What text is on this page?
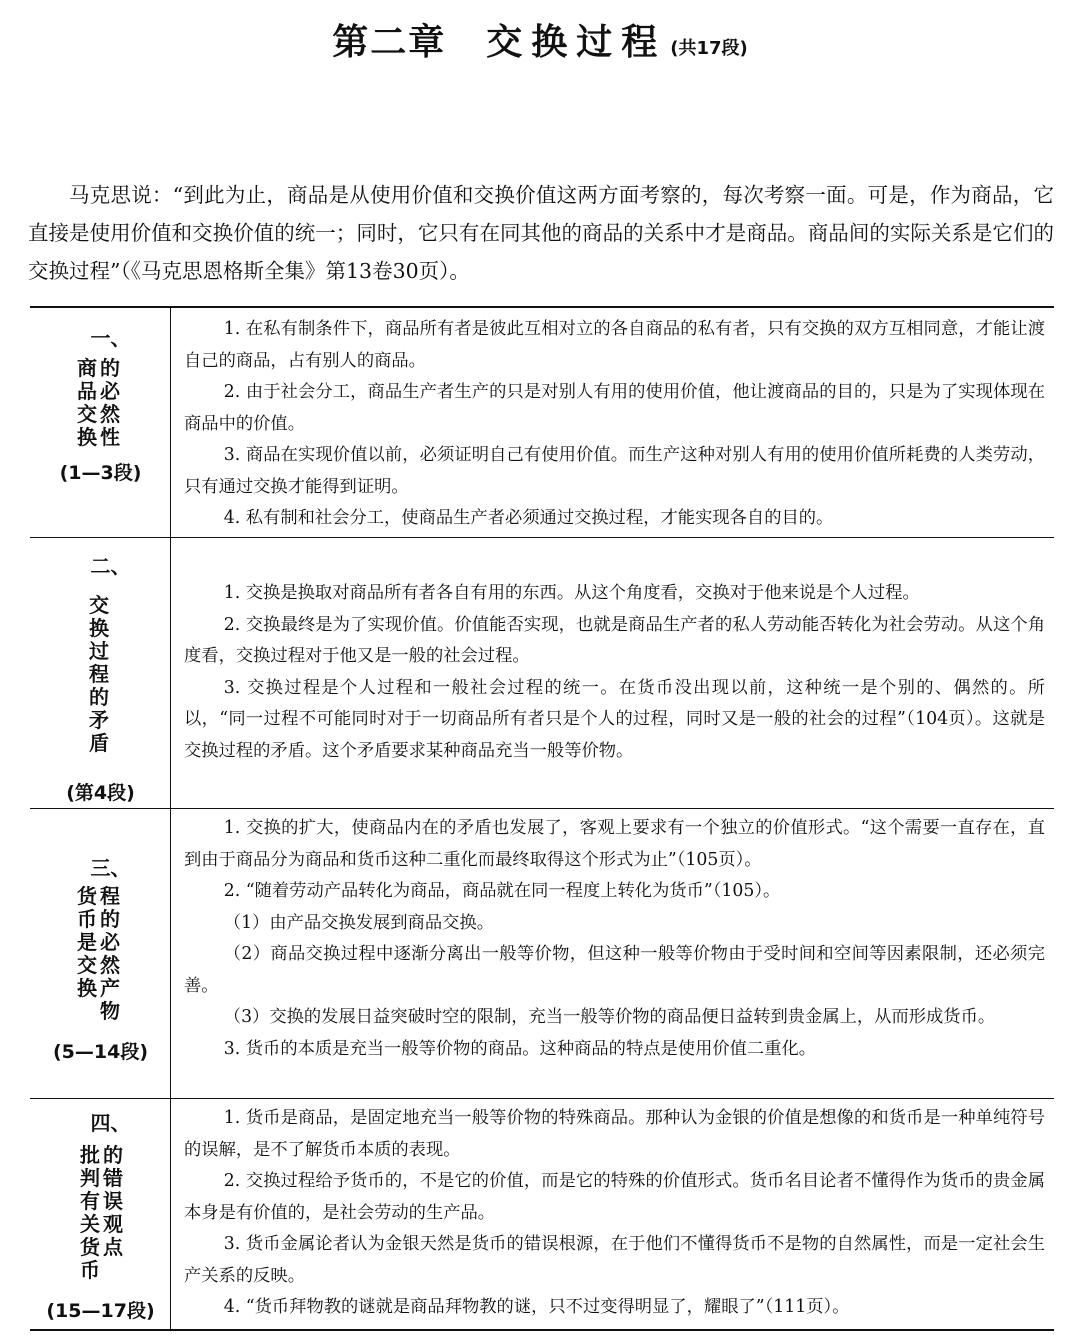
第二章 交换过程 (共17段)
马克思说：“到此为止，商品是从使用价值和交换价值这两方面考察的，每次考察一面。可是，作为商品，它直接是使用价值和交换价值的统一；同时，它只有在同其他的商品的关系中才是商品。商品间的实际关系是它们的交换过程”（《马克思恩格斯全集》第13卷30页）。
一、
商
品
交
换
的
必
然
性
(1—3段)

1. 在私有制条件下，商品所有者是彼此互相对立的各自商品的私有者，只有交换的双方互相同意，才能让渡自己的商品，占有别人的商品。

2. 由于社会分工，商品生产者生产的只是对别人有用的使用价值，他让渡商品的目的，只是为了实现体现在商品中的价值。

3. 商品在实现价值以前，必须证明自己有使用价值。而生产这种对别人有用的使用价值所耗费的人类劳动，只有通过交换才能得到证明。

4. 私有制和社会分工，使商品生产者必须通过交换过程，才能实现各自的目的。

二、
交
换
过
程
的
矛
盾
(第4段)

1. 交换是换取对商品所有者各自有用的东西。从这个角度看，交换对于他来说是个人过程。

2. 交换最终是为了实现价值。价值能否实现，也就是商品生产者的私人劳动能否转化为社会劳动。从这个角度看，交换过程对于他又是一般的社会过程。

3. 交换过程是个人过程和一般社会过程的统一。在货币没出现以前，这种统一是个别的、偶然的。所以，“同一过程不可能同时对于一切商品所有者只是个人的过程，同时又是一般的社会的过程”（104页）。这就是交换过程的矛盾。这个矛盾要求某种商品充当一般等价物。

三、
货
币
是
交
换
程
的
必
然
产
物
(5—14段)

1. 交换的扩大，使商品内在的矛盾也发展了，客观上要求有一个独立的价值形式。“这个需要一直存在，直到由于商品分为商品和货币这种二重化而最终取得这个形式为止”（105页）。

2. “随着劳动产品转化为商品，商品就在同一程度上转化为货币”（105）。

（1）由产品交换发展到商品交换。

（2）商品交换过程中逐渐分离出一般等价物，但这种一般等价物由于受时间和空间等因素限制，还必须完善。

（3）交换的发展日益突破时空的限制，充当一般等价物的商品便日益转到贵金属上，从而形成货币。

3. 货币的本质是充当一般等价物的商品。这种商品的特点是使用价值二重化。

四、
批
判
有
关
货
币
的
错
误
观
点
(15—17段)

1. 货币是商品，是固定地充当一般等价物的特殊商品。那种认为金银的价值是想像的和货币是一种单纯符号的误解，是不了解货币本质的表现。

2. 交换过程给予货币的，不是它的价值，而是它的特殊的价值形式。货币名目论者不懂得作为货币的贵金属本身是有价值的，是社会劳动的生产品。

3. 货币金属论者认为金银天然是货币的错误根源，在于他们不懂得货币不是物的自然属性，而是一定社会生产关系的反映。

4. “货币拜物教的谜就是商品拜物教的谜，只不过变得明显了，耀眼了”（111页）。
